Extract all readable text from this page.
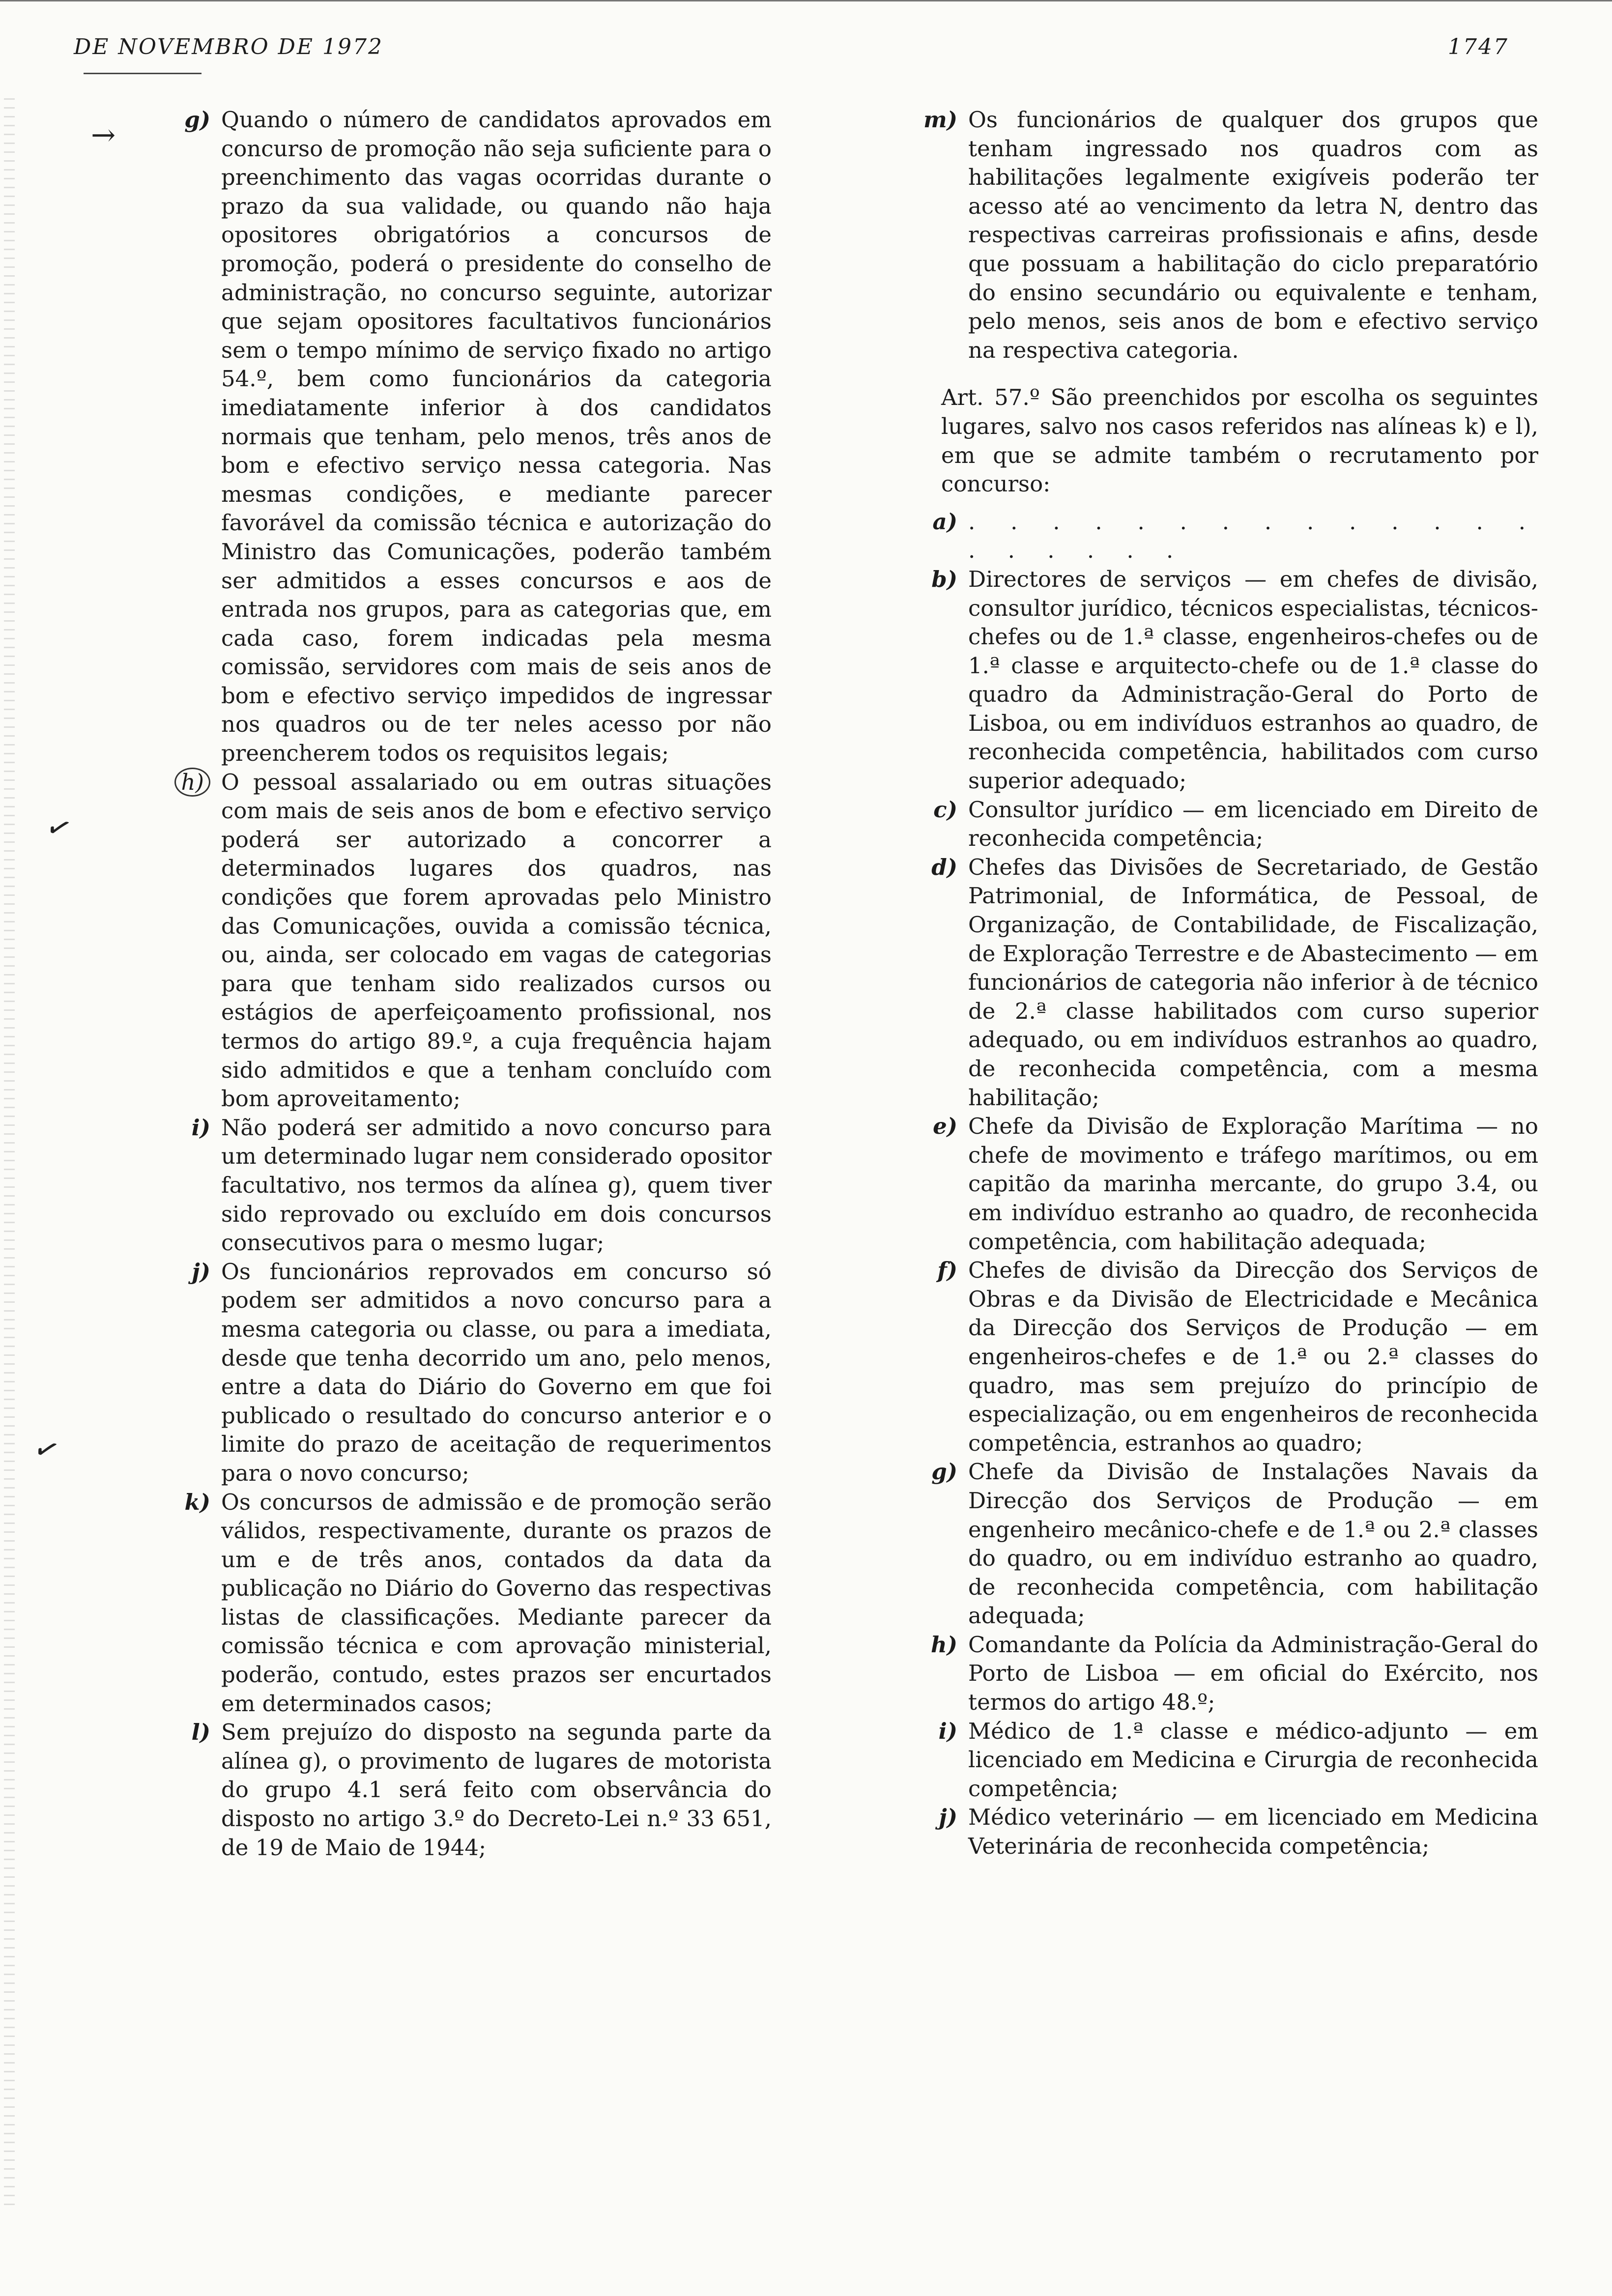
DE NOVEMBRO DE 1972	1747
→
✓
✓
g) Quando o número de candidatos aprovados em concurso de promoção não seja suficiente para o preenchimento das vagas ocorridas durante o prazo da sua validade, ou quando não haja opositores obrigatórios a concursos de promoção, poderá o presidente do conselho de administração, no concurso seguinte, autorizar que sejam opositores facultativos funcionários sem o tempo mínimo de serviço fixado no artigo 54.º, bem como funcionários da categoria imediatamente inferior à dos candidatos normais que tenham, pelo menos, três anos de bom e efectivo serviço nessa categoria. Nas mesmas condições, e mediante parecer favorável da comissão técnica e autorização do Ministro das Comunicações, poderão também ser admitidos a esses concursos e aos de entrada nos grupos, para as categorias que, em cada caso, forem indicadas pela mesma comissão, servidores com mais de seis anos de bom e efectivo serviço impedidos de ingressar nos quadros ou de ter neles acesso por não preencherem todos os requisitos legais;
h) O pessoal assalariado ou em outras situações com mais de seis anos de bom e efectivo serviço poderá ser autorizado a concorrer a determinados lugares dos quadros, nas condições que forem aprovadas pelo Ministro das Comunicações, ouvida a comissão técnica, ou, ainda, ser colocado em vagas de categorias para que tenham sido realizados cursos ou estágios de aperfeiçoamento profissional, nos termos do artigo 89.º, a cuja frequência hajam sido admitidos e que a tenham concluído com bom aproveitamento;
i) Não poderá ser admitido a novo concurso para um determinado lugar nem considerado opositor facultativo, nos termos da alínea g), quem tiver sido reprovado ou excluído em dois concursos consecutivos para o mesmo lugar;
j) Os funcionários reprovados em concurso só podem ser admitidos a novo concurso para a mesma categoria ou classe, ou para a imediata, desde que tenha decorrido um ano, pelo menos, entre a data do Diário do Governo em que foi publicado o resultado do concurso anterior e o limite do prazo de aceitação de requerimentos para o novo concurso;
k) Os concursos de admissão e de promoção serão válidos, respectivamente, durante os prazos de um e de três anos, contados da data da publicação no Diário do Governo das respectivas listas de classificações. Mediante parecer da comissão técnica e com aprovação ministerial, poderão, contudo, estes prazos ser encurtados em determinados casos;
l) Sem prejuízo do disposto na segunda parte da alínea g), o provimento de lugares de motorista do grupo 4.1 será feito com observância do disposto no artigo 3.º do Decreto-Lei n.º 33 651, de 19 de Maio de 1944;
m) Os funcionários de qualquer dos grupos que tenham ingressado nos quadros com as habilitações legalmente exigíveis poderão ter acesso até ao vencimento da letra N, dentro das respectivas carreiras profissionais e afins, desde que possuam a habilitação do ciclo preparatório do ensino secundário ou equivalente e tenham, pelo menos, seis anos de bom e efectivo serviço na respectiva categoria.
Art. 57.º São preenchidos por escolha os seguintes lugares, salvo nos casos referidos nas alíneas k) e l), em que se admite também o recrutamento por concurso:
a) . . . . . . . . . . . . . . . . . . . .
b) Directores de serviços — em chefes de divisão, consultor jurídico, técnicos especialistas, técnicos-chefes ou de 1.ª classe, engenheiros-chefes ou de 1.ª classe e arquitecto-chefe ou de 1.ª classe do quadro da Administração-Geral do Porto de Lisboa, ou em indivíduos estranhos ao quadro, de reconhecida competência, habilitados com curso superior adequado;
c) Consultor jurídico — em licenciado em Direito de reconhecida competência;
d) Chefes das Divisões de Secretariado, de Gestão Patrimonial, de Informática, de Pessoal, de Organização, de Contabilidade, de Fiscalização, de Exploração Terrestre e de Abastecimento — em funcionários de categoria não inferior à de técnico de 2.ª classe habilitados com curso superior adequado, ou em indivíduos estranhos ao quadro, de reconhecida competência, com a mesma habilitação;
e) Chefe da Divisão de Exploração Marítima — no chefe de movimento e tráfego marítimos, ou em capitão da marinha mercante, do grupo 3.4, ou em indivíduo estranho ao quadro, de reconhecida competência, com habilitação adequada;
f) Chefes de divisão da Direcção dos Serviços de Obras e da Divisão de Electricidade e Mecânica da Direcção dos Serviços de Produção — em engenheiros-chefes e de 1.ª ou 2.ª classes do quadro, mas sem prejuízo do princípio de especialização, ou em engenheiros de reconhecida competência, estranhos ao quadro;
g) Chefe da Divisão de Instalações Navais da Direcção dos Serviços de Produção — em engenheiro mecânico-chefe e de 1.ª ou 2.ª classes do quadro, ou em indivíduo estranho ao quadro, de reconhecida competência, com habilitação adequada;
h) Comandante da Polícia da Administração-Geral do Porto de Lisboa — em oficial do Exército, nos termos do artigo 48.º;
i) Médico de 1.ª classe e médico-adjunto — em licenciado em Medicina e Cirurgia de reconhecida competência;
j) Médico veterinário — em licenciado em Medicina Veterinária de reconhecida competência;
